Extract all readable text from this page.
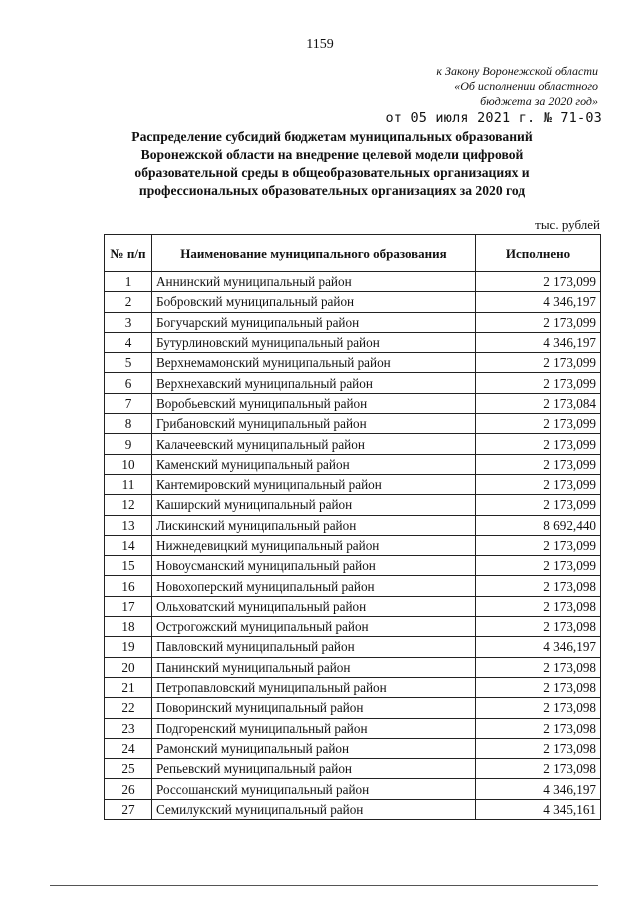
1159
к Закону Воронежской области
«Об исполнении областного
бюджета за 2020 год»
от 05 июля 2021 г. № 71-03
Распределение субсидий бюджетам муниципальных образований Воронежской области на внедрение целевой модели цифровой образовательной среды в общеобразовательных организациях и профессиональных образовательных организациях за 2020 год
тыс. рублей
№ п/п	Наименование муниципального образования	Исполнено
1	Аннинский муниципальный район	2 173,099
2	Бобровский муниципальный район	4 346,197
3	Богучарский муниципальный район	2 173,099
4	Бутурлиновский муниципальный район	4 346,197
5	Верхнемамонский муниципальный район	2 173,099
6	Верхнехавский муниципальный район	2 173,099
7	Воробьевский муниципальный район	2 173,084
8	Грибановский муниципальный район	2 173,099
9	Калачеевский муниципальный район	2 173,099
10	Каменский муниципальный район	2 173,099
11	Кантемировский муниципальный район	2 173,099
12	Каширский муниципальный район	2 173,099
13	Лискинский муниципальный район	8 692,440
14	Нижнедевицкий муниципальный район	2 173,099
15	Новоусманский муниципальный район	2 173,099
16	Новохоперский муниципальный район	2 173,098
17	Ольховатский муниципальный район	2 173,098
18	Острогожский муниципальный район	2 173,098
19	Павловский муниципальный район	4 346,197
20	Панинский муниципальный район	2 173,098
21	Петропавловский муниципальный район	2 173,098
22	Поворинский муниципальный район	2 173,098
23	Подгоренский муниципальный район	2 173,098
24	Рамонский муниципальный район	2 173,098
25	Репьевский муниципальный район	2 173,098
26	Россошанский муниципальный район	4 346,197
27	Семилукский муниципальный район	4 345,161
